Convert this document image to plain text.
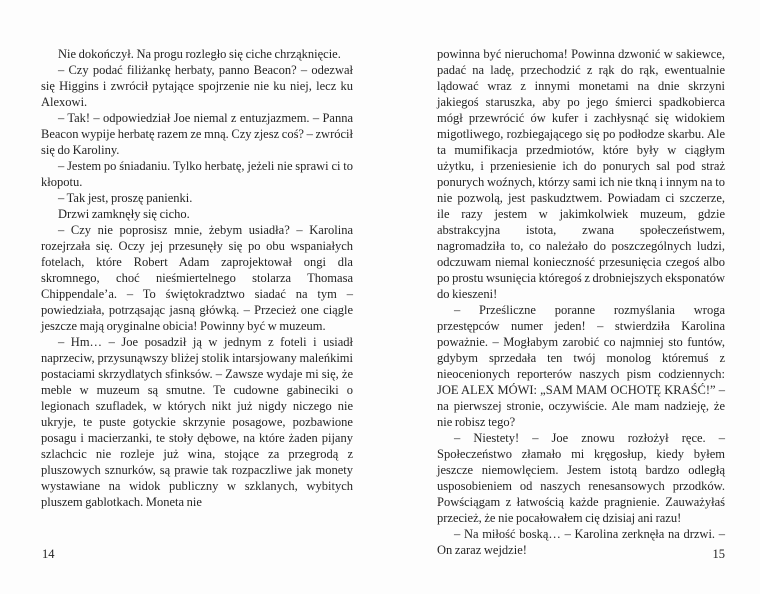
Nie dokończył. Na progu rozległo się ciche chrząknięcie.

– Czy podać filiżankę herbaty, panno Beacon? – odezwał się Higgins i zwrócił pytające spojrzenie nie ku niej, lecz ku Alexowi.

– Tak! – odpowiedział Joe niemal z entuzjazmem. – Panna Beacon wypije herbatę razem ze mną. Czy zjesz coś? – zwrócił się do Karoliny.

– Jestem po śniadaniu. Tylko herbatę, jeżeli nie sprawi ci to kłopotu.

– Tak jest, proszę panienki.

Drzwi zamknęły się cicho.

– Czy nie poprosisz mnie, żebym usiadła? – Karolina rozejrzała się. Oczy jej przesunęły się po obu wspaniałych fotelach, które Robert Adam zaprojektował ongi dla skromnego, choć nieśmiertelnego stolarza Thomasa Chippendale’a. – To świętokradztwo siadać na tym – powiedziała, potrząsając jasną główką. – Przecież one ciągle jeszcze mają oryginalne obicia! Powinny być w muzeum.

– Hm… – Joe posadził ją w jednym z foteli i usiadł naprzeciw, przysunąwszy bliżej stolik intarsjowany maleńkimi postaciami skrzydlatych sfinksów. – Zawsze wydaje mi się, że meble w muzeum są smutne. Te cudowne gabineciki o legionach szufladek, w których nikt już nigdy niczego nie ukryje, te puste gotyckie skrzynie posagowe, pozbawione posagu i macierzanki, te stoły dębowe, na które żaden pijany szlachcic nie rozleje już wina, stojące za przegrodą z pluszowych sznurków, są prawie tak rozpaczliwe jak monety wystawiane na widok publiczny w szklanych, wybitych pluszem gablotkach. Moneta nie

powinna być nieruchoma! Powinna dzwonić w sakiewce, padać na ladę, przechodzić z rąk do rąk, ewentualnie lądować wraz z innymi monetami na dnie skrzyni jakiegoś staruszka, aby po jego śmierci spadkobierca mógł przewrócić ów kufer i zachłysnąć się widokiem migotliwego, rozbiegającego się po podłodze skarbu. Ale ta mumifikacja przedmiotów, które były w ciągłym użytku, i przeniesienie ich do ponurych sal pod straż ponurych woźnych, którzy sami ich nie tkną i innym na to nie pozwolą, jest paskudztwem. Powiadam ci szczerze, ile razy jestem w jakimkolwiek muzeum, gdzie abstrakcyjna istota, zwana społeczeństwem, nagromadziła to, co należało do poszczególnych ludzi, odczuwam niemal konieczność przesunięcia czegoś albo po prostu wsunięcia któregoś z drobniejszych eksponatów do kieszeni!

– Prześliczne poranne rozmyślania wroga przestępców numer jeden! – stwierdziła Karolina poważnie. – Mogłabym zarobić co najmniej sto funtów, gdybym sprzedała ten twój monolog któremuś z nieocenionych reporterów naszych pism codziennych: JOE ALEX MÓWI: „SAM MAM OCHOTĘ KRAŚĆ!” – na pierwszej stronie, oczywiście. Ale mam nadzieję, że nie robisz tego?

– Niestety! – Joe znowu rozłożył ręce. – Społeczeństwo złamało mi kręgosłup, kiedy byłem jeszcze niemowlęciem. Jestem istotą bardzo odległą usposobieniem od naszych renesansowych przodków. Powściągam z łatwością każde pragnienie. Zauważyłaś przecież, że nie pocałowałem cię dzisiaj ani razu!

– Na miłość boską… – Karolina zerknęła na drzwi. – On zaraz wejdzie!

14	15
